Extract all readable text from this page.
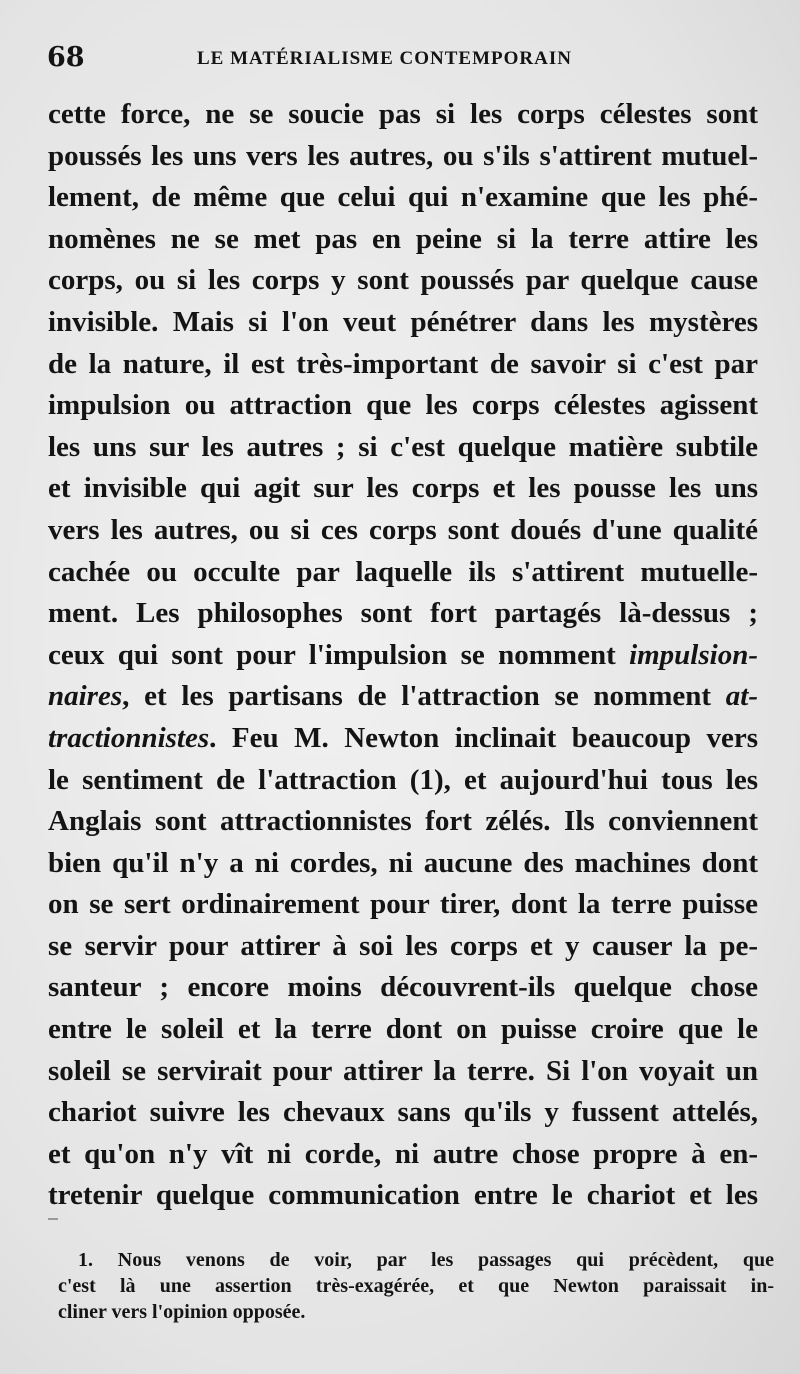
68	LE MATÉRIALISME CONTEMPORAIN
cette force, ne se soucie pas si les corps célestes sont
poussés les uns vers les autres, ou s'ils s'attirent mutuel-
lement, de même que celui qui n'examine que les phé-
nomènes ne se met pas en peine si la terre attire les
corps, ou si les corps y sont poussés par quelque cause
invisible. Mais si l'on veut pénétrer dans les mystères
de la nature, il est très-important de savoir si c'est par
impulsion ou attraction que les corps célestes agissent
les uns sur les autres ; si c'est quelque matière subtile
et invisible qui agit sur les corps et les pousse les uns
vers les autres, ou si ces corps sont doués d'une qualité
cachée ou occulte par laquelle ils s'attirent mutuelle-
ment. Les philosophes sont fort partagés là-dessus ;
ceux qui sont pour l'impulsion se nomment impulsion-
naires, et les partisans de l'attraction se nomment at-
tractionnistes. Feu M. Newton inclinait beaucoup vers
le sentiment de l'attraction (1), et aujourd'hui tous les
Anglais sont attractionnistes fort zélés. Ils conviennent
bien qu'il n'y a ni cordes, ni aucune des machines dont
on se sert ordinairement pour tirer, dont la terre puisse
se servir pour attirer à soi les corps et y causer la pe-
santeur ; encore moins découvrent-ils quelque chose
entre le soleil et la terre dont on puisse croire que le
soleil se servirait pour attirer la terre. Si l'on voyait un
chariot suivre les chevaux sans qu'ils y fussent attelés,
et qu'on n'y vît ni corde, ni autre chose propre à en-
tretenir quelque communication entre le chariot et les
1. Nous venons de voir, par les passages qui précèdent, que
c'est là une assertion très-exagérée, et que Newton paraissait in-
cliner vers l'opinion opposée.
